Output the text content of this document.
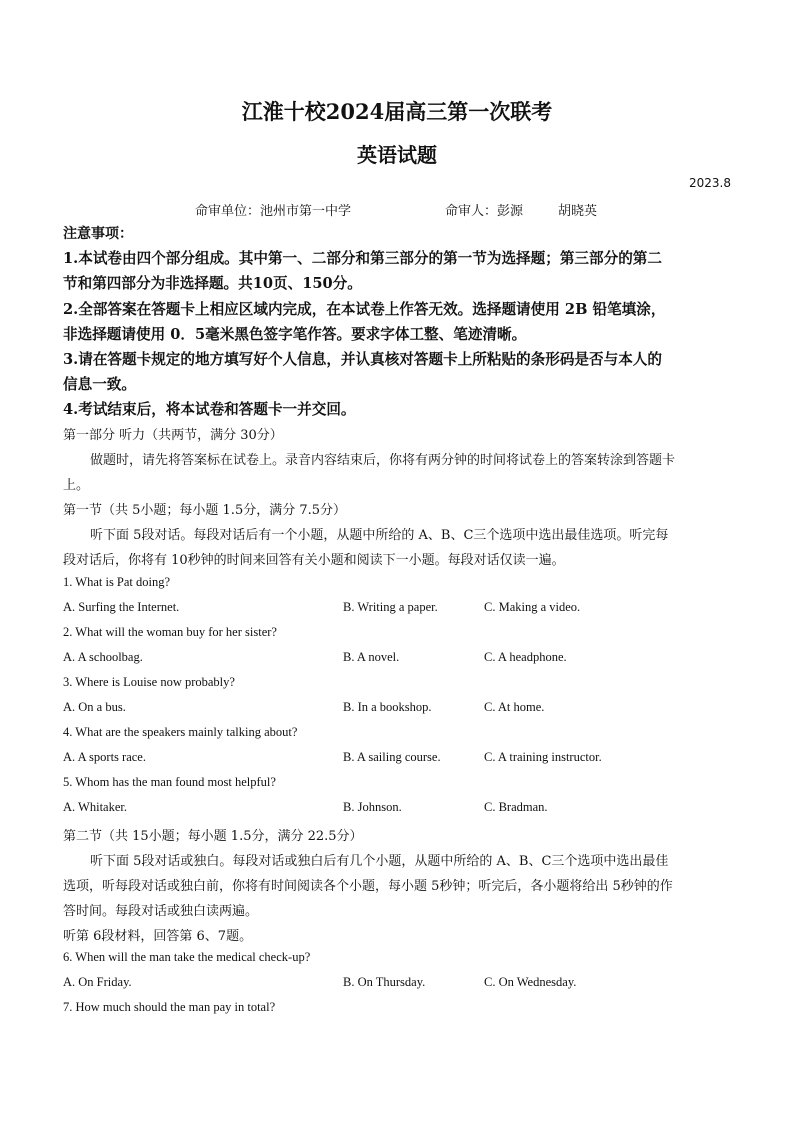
江淮十校2024届高三第一次联考
英语试题
2023.8
命审单位：池州市第一中学	命审人：彭源	胡晓英
注意事项：
1.本试卷由四个部分组成。其中第一、二部分和第三部分的第一节为选择题；第三部分的第二
节和第四部分为非选择题。共10页、150分。
2.全部答案在答题卡上相应区域内完成，在本试卷上作答无效。选择题请使用 2B 铅笔填涂，
非选择题请使用 0．5毫米黑色签字笔作答。要求字体工整、笔迹清晰。
3.请在答题卡规定的地方填写好个人信息，并认真核对答题卡上所粘贴的条形码是否与本人的
信息一致。
4.考试结束后，将本试卷和答题卡一并交回。
第一部分 听力（共两节，满分 30分）
做题时，请先将答案标在试卷上。录音内容结束后，你将有两分钟的时间将试卷上的答案转涂到答题卡
上。
第一节（共 5小题；每小题 1.5分，满分 7.5分）
听下面 5段对话。每段对话后有一个小题，从题中所给的 A、B、C三个选项中选出最佳选项。听完每
段对话后，你将有 10秒钟的时间来回答有关小题和阅读下一小题。每段对话仅读一遍。
1. What is Pat doing?
A. Surfing the Internet.	B. Writing a paper.	C. Making a video.
2. What will the woman buy for her sister?
A. A schoolbag.	B. A novel.	C. A headphone.
3. Where is Louise now probably?
A. On a bus.	B. In a bookshop.	C. At home.
4. What are the speakers mainly talking about?
A. A sports race.	B. A sailing course.	C. A training instructor.
5. Whom has the man found most helpful?
A. Whitaker.	B. Johnson.	C. Bradman.
第二节（共 15小题；每小题 1.5分，满分 22.5分）
听下面 5段对话或独白。每段对话或独白后有几个小题，从题中所给的 A、B、C三个选项中选出最佳
选项，听每段对话或独白前，你将有时间阅读各个小题，每小题 5秒钟；听完后，各小题将给出 5秒钟的作
答时间。每段对话或独白读两遍。
听第 6段材料，回答第 6、7题。
6. When will the man take the medical check-up?
A. On Friday.	B. On Thursday.	C. On Wednesday.
7. How much should the man pay in total?
